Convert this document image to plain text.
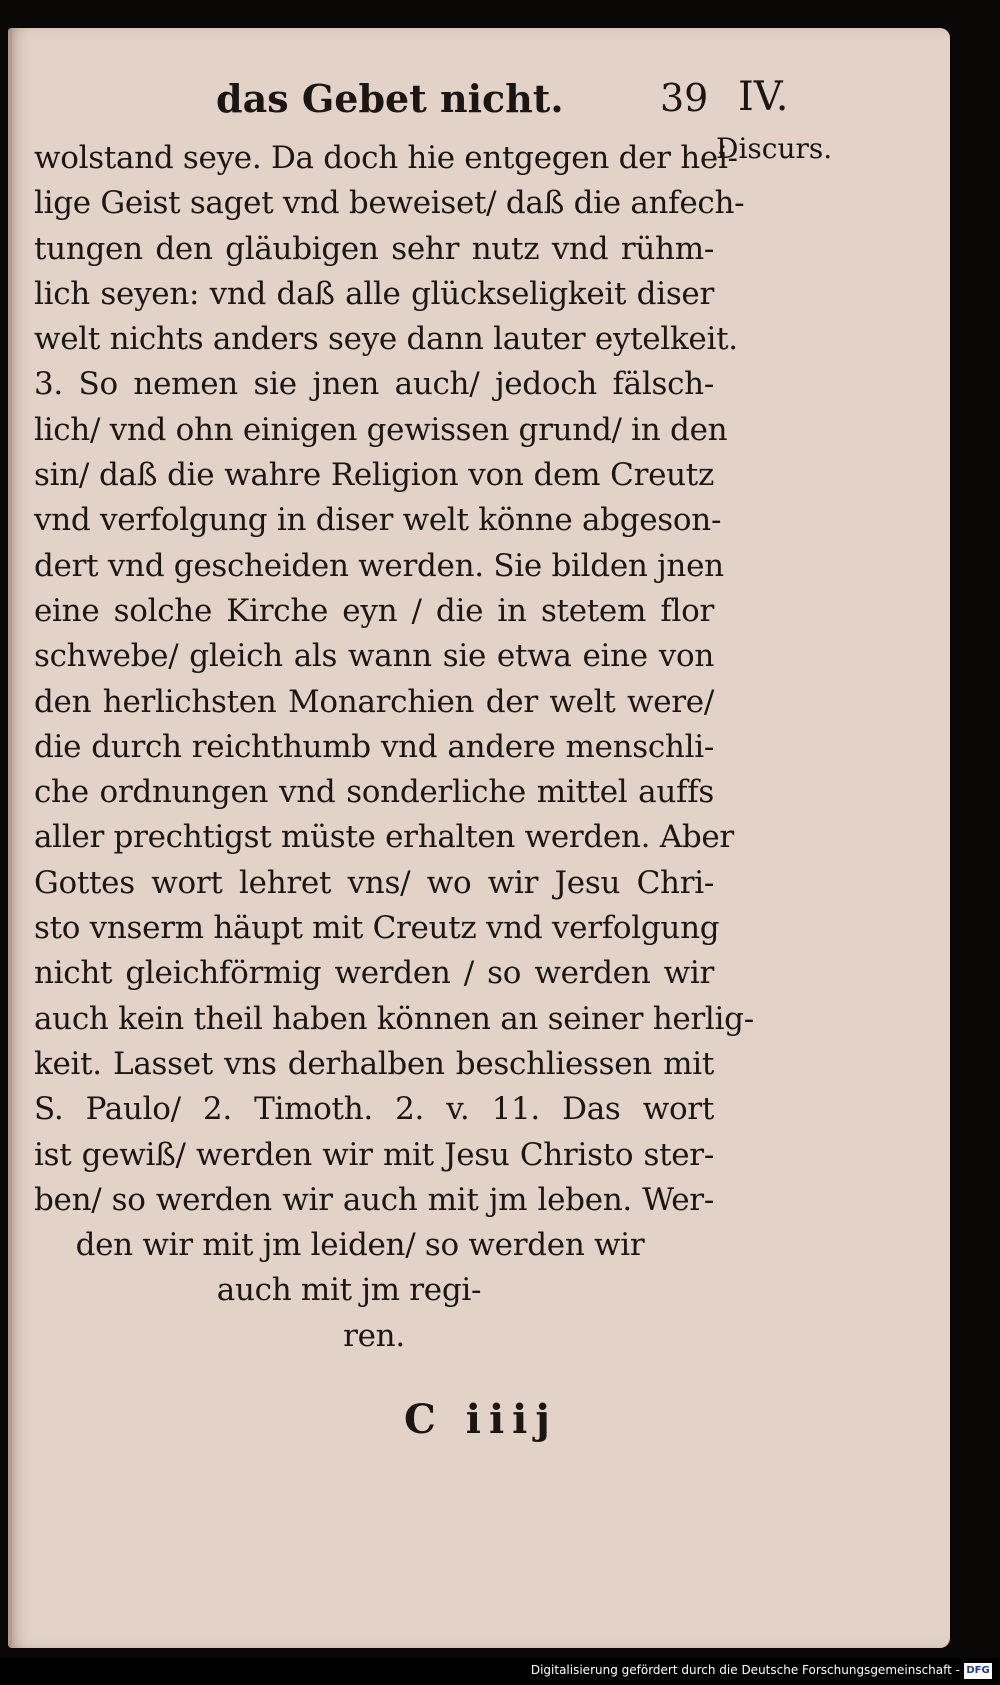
das Gebet nicht.	39 IV.
Discurs.
wolstand seye. Da doch hie entgegen der hei-
lige Geist saget vnd beweiset/ daß die anfech-
tungen den gläubigen sehr nutz vnd rühm-
lich seyen: vnd daß alle glückseligkeit diser
welt nichts anders seye dann lauter eytelkeit.
3. So nemen sie jnen auch/ jedoch fälsch-
lich/ vnd ohn einigen gewissen grund/ in den
sin/ daß die wahre Religion von dem Creutz
vnd verfolgung in diser welt könne abgeson-
dert vnd gescheiden werden. Sie bilden jnen
eine solche Kirche eyn / die in stetem flor
schwebe/ gleich als wann sie etwa eine von
den herlichsten Monarchien der welt were/
die durch reichthumb vnd andere menschli-
che ordnungen vnd sonderliche mittel auffs
aller prechtigst müste erhalten werden. Aber
Gottes wort lehret vns/ wo wir Jesu Chri-
sto vnserm häupt mit Creutz vnd verfolgung
nicht gleichförmig werden / so werden wir
auch kein theil haben können an seiner herlig-
keit. Lasset vns derhalben beschliessen mit
S. Paulo/ 2. Timoth. 2. v. 11. Das wort
ist gewiß/ werden wir mit Jesu Christo ster-
ben/ so werden wir auch mit jm leben. Wer-
den wir mit jm leiden/ so werden wir
auch mit jm regi-
ren.
C iiij
Digitalisierung gefördert durch die Deutsche Forschungsgemeinschaft - DFG
